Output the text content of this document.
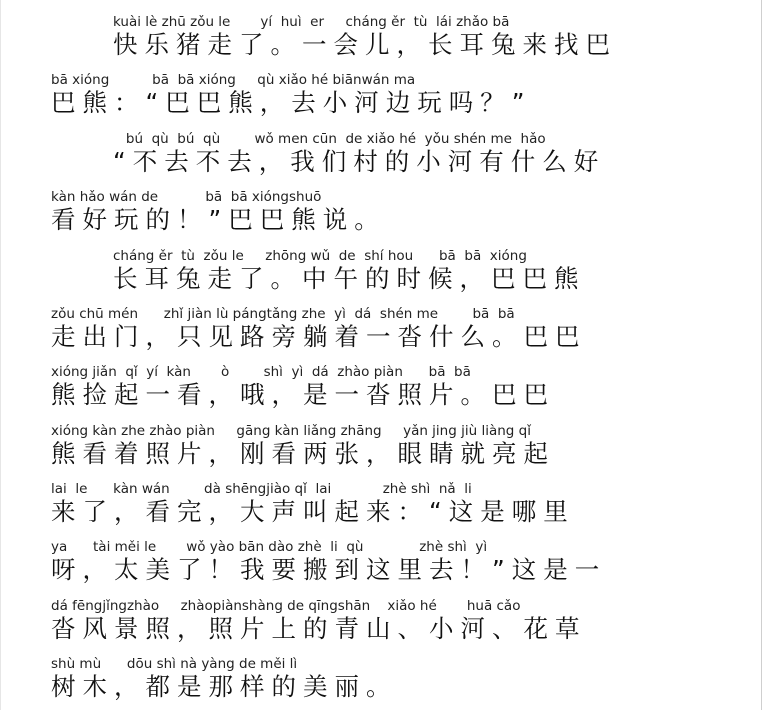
kuài lè zhū zǒu le       yí  huì  er     cháng ěr  tù  lái zhǎo bā
快乐猪走了。一会儿，长耳兔来找巴
bā xióng          bā  bā xióng     qù xiǎo hé biānwán ma
巴熊：“巴巴熊，去小河边玩吗？”
bú  qù  bú  qù        wǒ men cūn  de xiǎo hé  yǒu shén me  hǎo
“不去不去，我们村的小河有什么好
kàn hǎo wán de           bā  bā xióngshuō
看好玩的！”巴巴熊说。
cháng ěr  tù  zǒu le     zhōng wǔ  de  shí hou      bā  bā  xióng
长耳兔走了。中午的时候，巴巴熊
zǒu chū mén      zhǐ jiàn lù pángtǎng zhe  yì  dá  shén me        bā  bā
走出门，只见路旁躺着一沓什么。巴巴
xióng jiǎn  qǐ  yí  kàn       ò        shì  yì  dá  zhào piàn      bā  bā
熊捡起一看，哦，是一沓照片。巴巴
xióng kàn zhe zhào piàn     gāng kàn liǎng zhāng     yǎn jing jiù liàng qǐ
熊看着照片，刚看两张，眼睛就亮起
lai  le      kàn wán        dà shēngjiào qǐ  lai            zhè shì  nǎ  li
来了，看完，大声叫起来：“这是哪里
ya      tài měi le       wǒ yào bān dào zhè  li  qù             zhè shì  yì
呀，太美了！我要搬到这里去！”这是一
dá fēngjǐngzhào     zhàopiànshàng de qīngshān    xiǎo hé       huā cǎo
沓风景照，照片上的青山、小河、花草
shù mù      dōu shì nà yàng de měi lì
树木，都是那样的美丽。
